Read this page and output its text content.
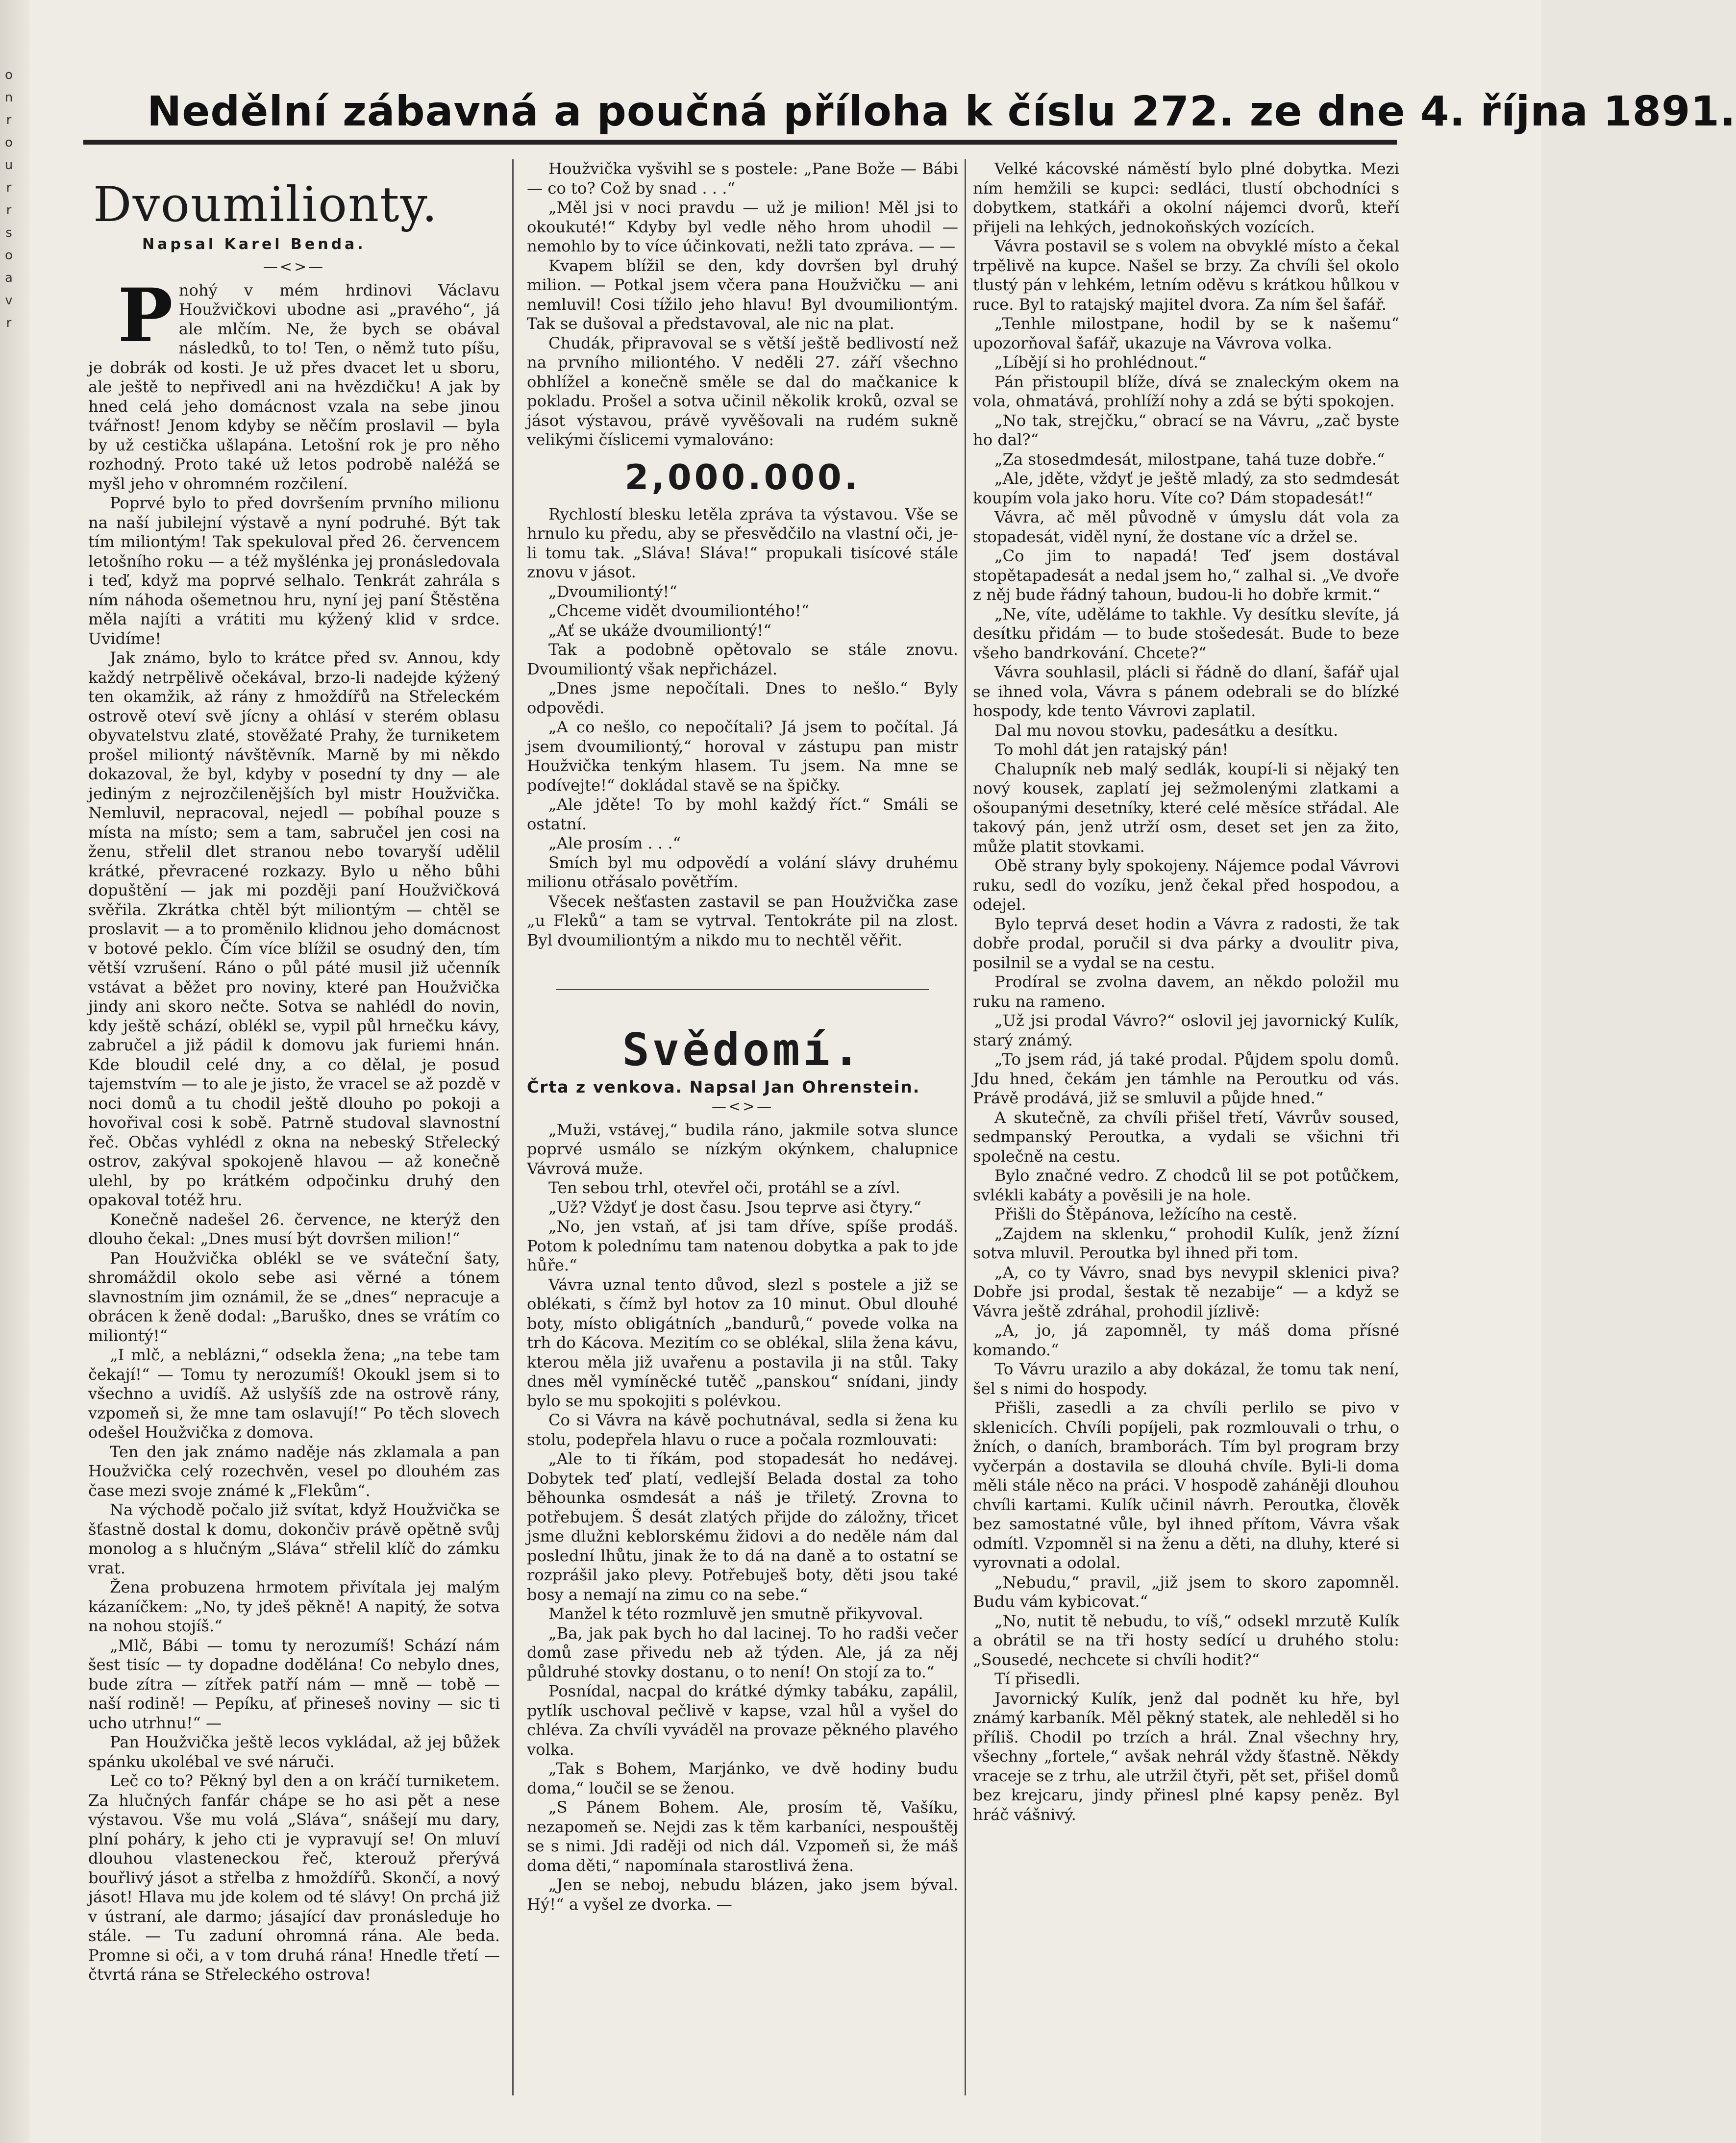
o
n
r
o
u
r
r
s
o
a
v
r
Nedělní zábavná a poučná příloha k číslu 272. ze dne 4. října 1891.
Dvoumilionty.
Napsal Karel Benda.
—<>—
P nohý v mém hrdinovi Václavu Houžvičkovi ubodne asi „pravého“, já ale mlčím. Ne, že bych se obával následků, to to! Ten, o němž tuto píšu, je dobrák od kosti. Je už přes dvacet let u sboru, ale ještě to nepřivedl ani na hvězdičku! A jak by hned celá jeho domácnost vzala na sebe jinou tvářnost! Jenom kdyby se něčím proslavil — byla by už cestička ušlapána. Letošní rok je pro něho rozhodný. Proto také už letos podrobě naléžá se myšl jeho v ohromném rozčilení.

Poprvé bylo to před dovršením prvního milionu na naší jubilejní výstavě a nyní podruhé. Být tak tím miliontým! Tak spekuloval před 26. červencem letošního roku — a též myšlénka jej pronásledovala i teď, když ma poprvé selhalo. Tenkrát zahrála s ním náhoda ošemetnou hru, nyní jej paní Štěstěna měla najíti a vrátiti mu kýžený klid v srdce. Uvidíme!

Jak známo, bylo to krátce před sv. Annou, kdy každý netrpělivě očekával, brzo-li nadejde kýžený ten okamžik, až rány z hmoždířů na Střeleckém ostrově oteví svě jícny a ohlásí v sterém oblasu obyvatelstvu zlaté, stověžaté Prahy, že turniketem prošel miliontý návštěvník. Marně by mi někdo dokazoval, že byl, kdyby v posední ty dny — ale jediným z nejrozčilenějších byl mistr Houžvička. Nemluvil, nepracoval, nejedl — pobíhal pouze s místa na místo; sem a tam, sabručel jen cosi na ženu, střelil dlet stranou nebo tovaryší udělil krátké, převracené rozkazy. Bylo u něho bůhi dopuštění — jak mi později paní Houžvičková svěřila. Zkrátka chtěl být miliontým — chtěl se proslavit — a to proměnilo klidnou jeho domácnost v botové peklo. Čím více blížil se osudný den, tím větší vzrušení. Ráno o půl páté musil již učenník vstávat a běžet pro noviny, které pan Houžvička jindy ani skoro nečte. Sotva se nahlédl do novin, kdy ještě schází, oblékl se, vypil půl hrnečku kávy, zabručel a již pádil k domovu jak furiemi hnán. Kde bloudil celé dny, a co dělal, je posud tajemstvím — to ale je jisto, že vracel se až pozdě v noci domů a tu chodil ještě dlouho po pokoji a hovořival cosi k sobě. Patrně studoval slavnostní řeč. Občas vyhlédl z okna na nebeský Střelecký ostrov, zakýval spokojeně hlavou — až konečně ulehl, by po krátkém odpočinku druhý den opakoval totéž hru.

Konečně nadešel 26. července, ne kterýž den dlouho čekal: „Dnes musí být dovršen milion!“

Pan Houžvička oblékl se ve sváteční šaty, shromáždil okolo sebe asi věrné a tónem slavnostním jim oznámil, že se „dnes“ nepracuje a obrácen k ženě dodal: „Baruško, dnes se vrátím co miliontý!“

„I mlč, a neblázni,“ odsekla žena; „na tebe tam čekají!“ — Tomu ty nerozumíš! Okoukl jsem si to všechno a uvidíš. Až uslyšíš zde na ostrově rány, vzpomeň si, že mne tam oslavují!“ Po těch slovech odešel Houžvička z domova.

Ten den jak známo naděje nás zklamala a pan Houžvička celý rozechvěn, vesel po dlouhém zas čase mezi svoje známé k „Flekům“.

Na východě počalo již svítat, když Houžvička se šťastně dostal k domu, dokončiv právě opětně svůj monolog a s hlučným „Sláva“ střelil klíč do zámku vrat.

Žena probuzena hrmotem přivítala jej malým kázaníčkem: „No, ty jdeš pěkně! A napitý, že sotva na nohou stojíš.“

„Mlč, Bábi — tomu ty nerozumíš! Schází nám šest tisíc — ty dopadne dodělána! Co nebylo dnes, bude zítra — zítřek patří nám — mně — tobě — naší rodině! — Pepíku, ať přineseš noviny — sic ti ucho utrhnu!“ —

Pan Houžvička ještě lecos vykládal, až jej bůžek spánku ukolébal ve své náruči.

Leč co to? Pěkný byl den a on kráčí turniketem. Za hlučných fanfár chápe se ho asi pět a nese výstavou. Vše mu volá „Sláva“, snášejí mu dary, plní poháry, k jeho cti je vypravují se! On mluví dlouhou vlasteneckou řeč, kterouž přerývá bouřlivý jásot a střelba z hmoždířů. Skončí, a nový jásot! Hlava mu jde kolem od té slávy! On prchá již v ústraní, ale darmo; jásající dav pronásleduje ho stále. — Tu zaduní ohromná rána. Ale beda. Promne si oči, a v tom druhá rána! Hnedle třetí — čtvrtá rána se Střeleckého ostrova!

Houžvička vyšvihl se s postele: „Pane Bože — Bábi — co to? Což by snad . . .“

„Měl jsi v noci pravdu — už je milion! Měl jsi to okoukuté!“ Kdyby byl vedle něho hrom uhodil — nemohlo by to více účinkovati, nežli tato zpráva. — —

Kvapem blížil se den, kdy dovršen byl druhý milion. — Potkal jsem včera pana Houžvičku — ani nemluvil! Cosi tížilo jeho hlavu! Byl dvoumiliontým. Tak se dušoval a představoval, ale nic na plat.

Chudák, připravoval se s větší ještě bedlivostí než na prvního miliontého. V neděli 27. září všechno obhlížel a konečně směle se dal do mačkanice k pokladu. Prošel a sotva učinil několik kroků, ozval se jásot výstavou, právě vyvěšovali na rudém sukně velikými číslicemi vymalováno:

2,000.000.

Rychlostí blesku letěla zpráva ta výstavou. Vše se hrnulo ku předu, aby se přesvědčilo na vlastní oči, je-li tomu tak. „Sláva! Sláva!“ propukali tisícové stále znovu v jásot.

„Dvoumiliontý!“

„Chceme vidět dvoumiliontého!“

„Ať se ukáže dvoumiliontý!“

Tak a podobně opětovalo se stále znovu. Dvoumiliontý však nepřicházel.

„Dnes jsme nepočítali. Dnes to nešlo.“ Byly odpovědi.

„A co nešlo, co nepočítali? Já jsem to počítal. Já jsem dvoumiliontý,“ horoval v zástupu pan mistr Houžvička tenkým hlasem. Tu jsem. Na mne se podívejte!“ dokládal stavě se na špičky.

„Ale jděte! To by mohl každý říct.“ Smáli se ostatní.

„Ale prosím . . .“

Smích byl mu odpovědí a volání slávy druhému milionu otřásalo povětřím.

Všecek nešťasten zastavil se pan Houžvička zase „u Fleků“ a tam se vytrval. Tentokráte pil na zlost. Byl dvoumiliontým a nikdo mu to nechtěl věřit.

Svědomí.
Črta z venkova. Napsal Jan Ohrenstein.
—<>—

„Muži, vstávej,“ budila ráno, jakmile sotva slunce poprvé usmálo se nízkým okýnkem, chalupnice Vávrová muže.

Ten sebou trhl, otevřel oči, protáhl se a zívl.

„Už? Vždyť je dost času. Jsou teprve asi čtyry.“

„No, jen vstaň, ať jsi tam dříve, spíše prodáš. Potom k polednímu tam natenou dobytka a pak to jde hůře.“

Vávra uznal tento důvod, slezl s postele a již se oblékati, s čímž byl hotov za 10 minut. Obul dlouhé boty, místo obligátních „bandurů,“ povede volka na trh do Kácova. Mezitím co se oblékal, slila žena kávu, kterou měla již uvařenu a postavila ji na stůl. Taky dnes měl vymíněcké tutěč „panskou“ snídani, jindy bylo se mu spokojiti s polévkou.

Co si Vávra na kávě pochutnával, sedla si žena ku stolu, podepřela hlavu o ruce a počala rozmlouvati:

„Ale to ti říkám, pod stopadesát ho nedávej. Dobytek teď platí, vedlejší Belada dostal za toho běhounka osmdesát a náš je třiletý. Zrovna to potřebujem. Š desát zlatých přijde do záložny, třicet jsme dlužni keblorskému židovi a do neděle nám dal poslední lhůtu, jinak že to dá na daně a to ostatní se rozprášil jako plevy. Potřebuješ boty, děti jsou také bosy a nemají na zimu co na sebe.“

Manžel k této rozmluvě jen smutně přikyvoval.

„Ba, jak pak bych ho dal lacinej. To ho radši večer domů zase přivedu neb až týden. Ale, já za něj půldruhé stovky dostanu, o to není! On stojí za to.“

Posnídal, nacpal do krátké dýmky tabáku, zapálil, pytlík uschoval pečlivě v kapse, vzal hůl a vyšel do chléva. Za chvíli vyváděl na provaze pěkného plavého volka.

„Tak s Bohem, Marjánko, ve dvě hodiny budu doma,“ loučil se se ženou.

„S Pánem Bohem. Ale, prosím tě, Vašíku, nezapomeň se. Nejdi zas k těm karbaníci, nespouštěj se s nimi. Jdi raději od nich dál. Vzpomeň si, že máš doma děti,“ napomínala starostlivá žena.

„Jen se neboj, nebudu blázen, jako jsem býval. Hý!“ a vyšel ze dvorka. —

Velké kácovské náměstí bylo plné dobytka. Mezi ním hemžili se kupci: sedláci, tlustí obchodníci s dobytkem, statkáři a okolní nájemci dvorů, kteří přijeli na lehkých, jednokoňských vozících.

Vávra postavil se s volem na obvyklé místo a čekal trpělivě na kupce. Našel se brzy. Za chvíli šel okolo tlustý pán v lehkém, letním oděvu s krátkou hůlkou v ruce. Byl to ratajský majitel dvora. Za ním šel šafář.

„Tenhle milostpane, hodil by se k našemu“ upozorňoval šafář, ukazuje na Vávrova volka.

„Líbějí si ho prohlédnout.“

Pán přistoupil blíže, dívá se znaleckým okem na vola, ohmatává, prohlíží nohy a zdá se býti spokojen.

„No tak, strejčku,“ obrací se na Vávru, „zač byste ho dal?“

„Za stosedmdesát, milostpane, tahá tuze dobře.“

„Ale, jděte, vždyť je ještě mladý, za sto sedmdesát koupím vola jako horu. Víte co? Dám stopadesát!“

Vávra, ač měl původně v úmyslu dát vola za stopadesát, viděl nyní, že dostane víc a držel se.

„Co jim to napadá! Teď jsem dostával stopětapadesát a nedal jsem ho,“ zalhal si. „Ve dvoře z něj bude řádný tahoun, budou-li ho dobře krmit.“

„Ne, víte, uděláme to takhle. Vy desítku slevíte, já desítku přidám — to bude stošedesát. Bude to beze všeho bandrkování. Chcete?“

Vávra souhlasil, plácli si řádně do dlaní, šafář ujal se ihned vola, Vávra s pánem odebrali se do blízké hospody, kde tento Vávrovi zaplatil.

Dal mu novou stovku, padesátku a desítku.

To mohl dát jen ratajský pán!

Chalupník neb malý sedlák, koupí-li si nějaký ten nový kousek, zaplatí jej sežmolenými zlatkami a ošoupanými desetníky, které celé měsíce střádal. Ale takový pán, jenž utrží osm, deset set jen za žito, může platit stovkami.

Obě strany byly spokojeny. Nájemce podal Vávrovi ruku, sedl do vozíku, jenž čekal před hospodou, a odejel.

Bylo teprvá deset hodin a Vávra z radosti, že tak dobře prodal, poručil si dva párky a dvoulitr piva, posilnil se a vydal se na cestu.

Prodíral se zvolna davem, an někdo položil mu ruku na rameno.

„Už jsi prodal Vávro?“ oslovil jej javornický Kulík, starý známý.

„To jsem rád, já také prodal. Půjdem spolu domů. Jdu hned, čekám jen támhle na Peroutku od vás. Právě prodává, již se smluvil a půjde hned.“

A skutečně, za chvíli přišel třetí, Vávrův soused, sedmpanský Peroutka, a vydali se všichni tři společně na cestu.

Bylo značné vedro. Z chodců lil se pot potůčkem, svlékli kabáty a pověsili je na hole.

Přišli do Štěpánova, ležícího na cestě.

„Zajdem na sklenku,“ prohodil Kulík, jenž žízní sotva mluvil. Peroutka byl ihned při tom.

„A, co ty Vávro, snad bys nevypil sklenici piva? Dobře jsi prodal, šestak tě nezabije“ — a když se Vávra ještě zdráhal, prohodil jízlivě:

„A, jo, já zapomněl, ty máš doma přísné komando.“

To Vávru urazilo a aby dokázal, že tomu tak není, šel s nimi do hospody.

Přišli, zasedli a za chvíli perlilo se pivo v sklenicích. Chvíli popíjeli, pak rozmlouvali o trhu, o žních, o daních, bramborách. Tím byl program brzy vyčerpán a dostavila se dlouhá chvíle. Byli-li doma měli stále něco na práci. V hospodě zaháněji dlouhou chvíli kartami. Kulík učinil návrh. Peroutka, člověk bez samostatné vůle, byl ihned přítom, Vávra však odmítl. Vzpomněl si na ženu a děti, na dluhy, které si vyrovnati a odolal.

„Nebudu,“ pravil, „již jsem to skoro zapomněl. Budu vám kybicovat.“

„No, nutit tě nebudu, to víš,“ odsekl mrzutě Kulík a obrátil se na tři hosty sedící u druhého stolu: „Sousedé, nechcete si chvíli hodit?“

Tí přisedli.

Javornický Kulík, jenž dal podnět ku hře, byl známý karbaník. Měl pěkný statek, ale nehleděl si ho příliš. Chodil po trzích a hrál. Znal všechny hry, všechny „fortele,“ avšak nehrál vždy šťastně. Někdy vraceje se z trhu, ale utržil čtyři, pět set, přišel domů bez krejcaru, jindy přinesl plné kapsy peněz. Byl hráč vášnivý.
